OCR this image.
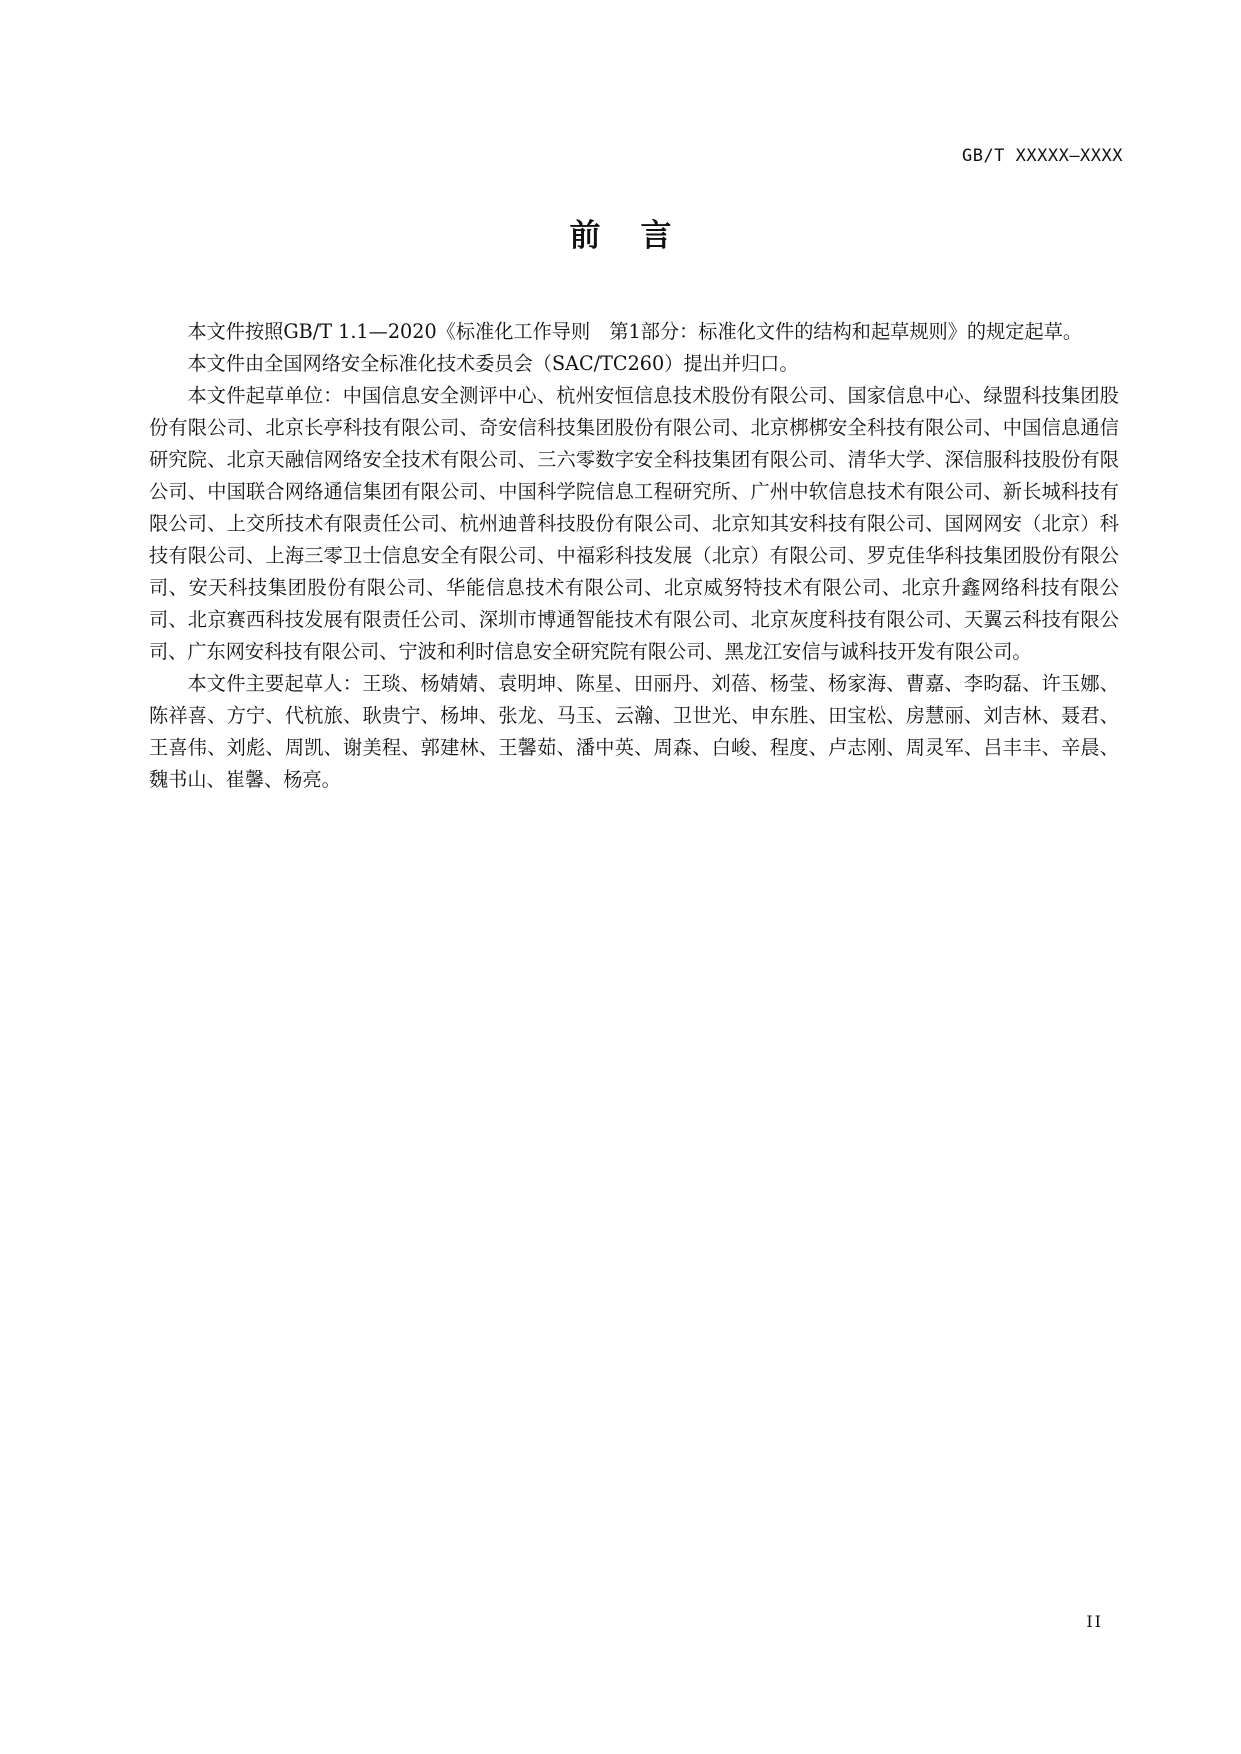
GB/T XXXXX—XXXX
前言

本文件按照GB/T 1.1—2020《标准化工作导则　第1部分：标准化文件的结构和起草规则》的规定起草。

本文件由全国网络安全标准化技术委员会（SAC/TC260）提出并归口。

本文件起草单位：中国信息安全测评中心、杭州安恒信息技术股份有限公司、国家信息中心、绿盟科技集团股份有限公司、北京长亭科技有限公司、奇安信科技集团股份有限公司、北京梆梆安全科技有限公司、中国信息通信研究院、北京天融信网络安全技术有限公司、三六零数字安全科技集团有限公司、清华大学、深信服科技股份有限公司、中国联合网络通信集团有限公司、中国科学院信息工程研究所、广州中软信息技术有限公司、新长城科技有限公司、上交所技术有限责任公司、杭州迪普科技股份有限公司、北京知其安科技有限公司、国网网安（北京）科技有限公司、上海三零卫士信息安全有限公司、中福彩科技发展（北京）有限公司、罗克佳华科技集团股份有限公司、安天科技集团股份有限公司、华能信息技术有限公司、北京威努特技术有限公司、北京升鑫网络科技有限公司、北京赛西科技发展有限责任公司、深圳市博通智能技术有限公司、北京灰度科技有限公司、天翼云科技有限公司、广东网安科技有限公司、宁波和利时信息安全研究院有限公司、黑龙江安信与诚科技开发有限公司。

本文件主要起草人：王琰、杨婧婧、袁明坤、陈星、田丽丹、刘蓓、杨莹、杨家海、曹嘉、李昀磊、许玉娜、陈祥喜、方宁、代杭旅、耿贵宁、杨坤、张龙、马玉、云瀚、卫世光、申东胜、田宝松、房慧丽、刘吉林、聂君、王喜伟、刘彪、周凯、谢美程、郭建林、王馨茹、潘中英、周森、白峻、程度、卢志刚、周灵军、吕丰丰、辛晨、魏书山、崔馨、杨亮。

II
